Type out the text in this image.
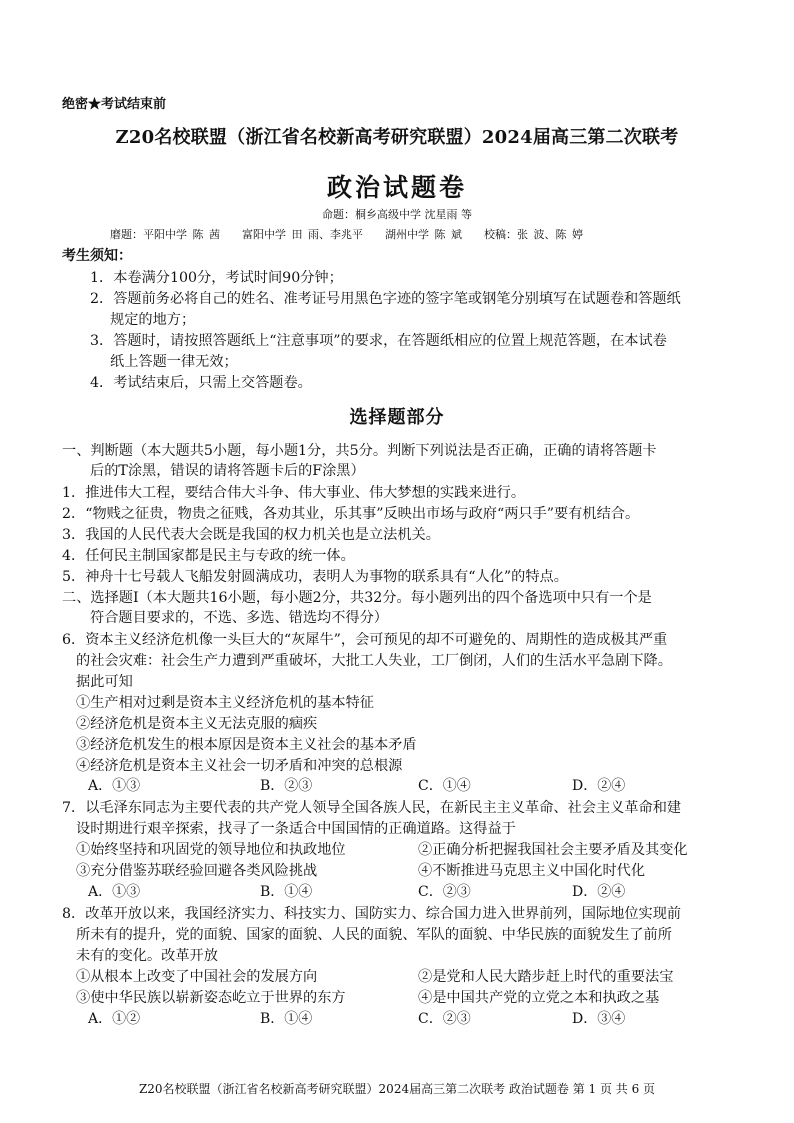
绝密★考试结束前
Z20名校联盟（浙江省名校新高考研究联盟）2024届高三第二次联考
政治试题卷
命题：桐乡高级中学 沈星雨 等
磨题：平阳中学 陈 茜 富阳中学 田 雨、李兆平 湖州中学 陈 斌 校稿：张 波、陈 婷
考生须知：
1．本卷满分100分，考试时间90分钟；
2．答题前务必将自己的姓名、准考证号用黑色字迹的签字笔或钢笔分别填写在试题卷和答题纸
规定的地方；
3．答题时，请按照答题纸上“注意事项”的要求，在答题纸相应的位置上规范答题，在本试卷
纸上答题一律无效；
4．考试结束后，只需上交答题卷。
选择题部分
一、判断题（本大题共5小题，每小题1分，共5分。判断下列说法是否正确，正确的请将答题卡
后的T涂黑，错误的请将答题卡后的F涂黑）
1．推进伟大工程，要结合伟大斗争、伟大事业、伟大梦想的实践来进行。
2．“物贱之征贵，物贵之征贱，各劝其业，乐其事”反映出市场与政府“两只手”要有机结合。
3．我国的人民代表大会既是我国的权力机关也是立法机关。
4．任何民主制国家都是民主与专政的统一体。
5．神舟十七号载人飞船发射圆满成功，表明人为事物的联系具有“人化”的特点。
二、选择题Ⅰ（本大题共16小题，每小题2分，共32分。每小题列出的四个备选项中只有一个是
符合题目要求的，不选、多选、错选均不得分）
6．资本主义经济危机像一头巨大的“灰犀牛”，会可预见的却不可避免的、周期性的造成极其严重
的社会灾难：社会生产力遭到严重破坏，大批工人失业，工厂倒闭，人们的生活水平急剧下降。
据此可知
①生产相对过剩是资本主义经济危机的基本特征
②经济危机是资本主义无法克服的痼疾
③经济危机发生的根本原因是资本主义社会的基本矛盾
④经济危机是资本主义社会一切矛盾和冲突的总根源
A．①③	B．②③	C．①④	D．②④
7．以毛泽东同志为主要代表的共产党人领导全国各族人民，在新民主主义革命、社会主义革命和建
设时期进行艰辛探索，找寻了一条适合中国国情的正确道路。这得益于
①始终坚持和巩固党的领导地位和执政地位	②正确分析把握我国社会主要矛盾及其变化
③充分借鉴苏联经验回避各类风险挑战	④不断推进马克思主义中国化时代化
A．①③	B．①④	C．②③	D．②④
8．改革开放以来，我国经济实力、科技实力、国防实力、综合国力进入世界前列，国际地位实现前
所未有的提升，党的面貌、国家的面貌、人民的面貌、军队的面貌、中华民族的面貌发生了前所
未有的变化。改革开放
①从根本上改变了中国社会的发展方向	②是党和人民大踏步赶上时代的重要法宝
③使中华民族以崭新姿态屹立于世界的东方	④是中国共产党的立党之本和执政之基
A．①②	B．①④	C．②③	D．③④
Z20名校联盟（浙江省名校新高考研究联盟）2024届高三第二次联考 政治试题卷 第 1 页 共 6 页
